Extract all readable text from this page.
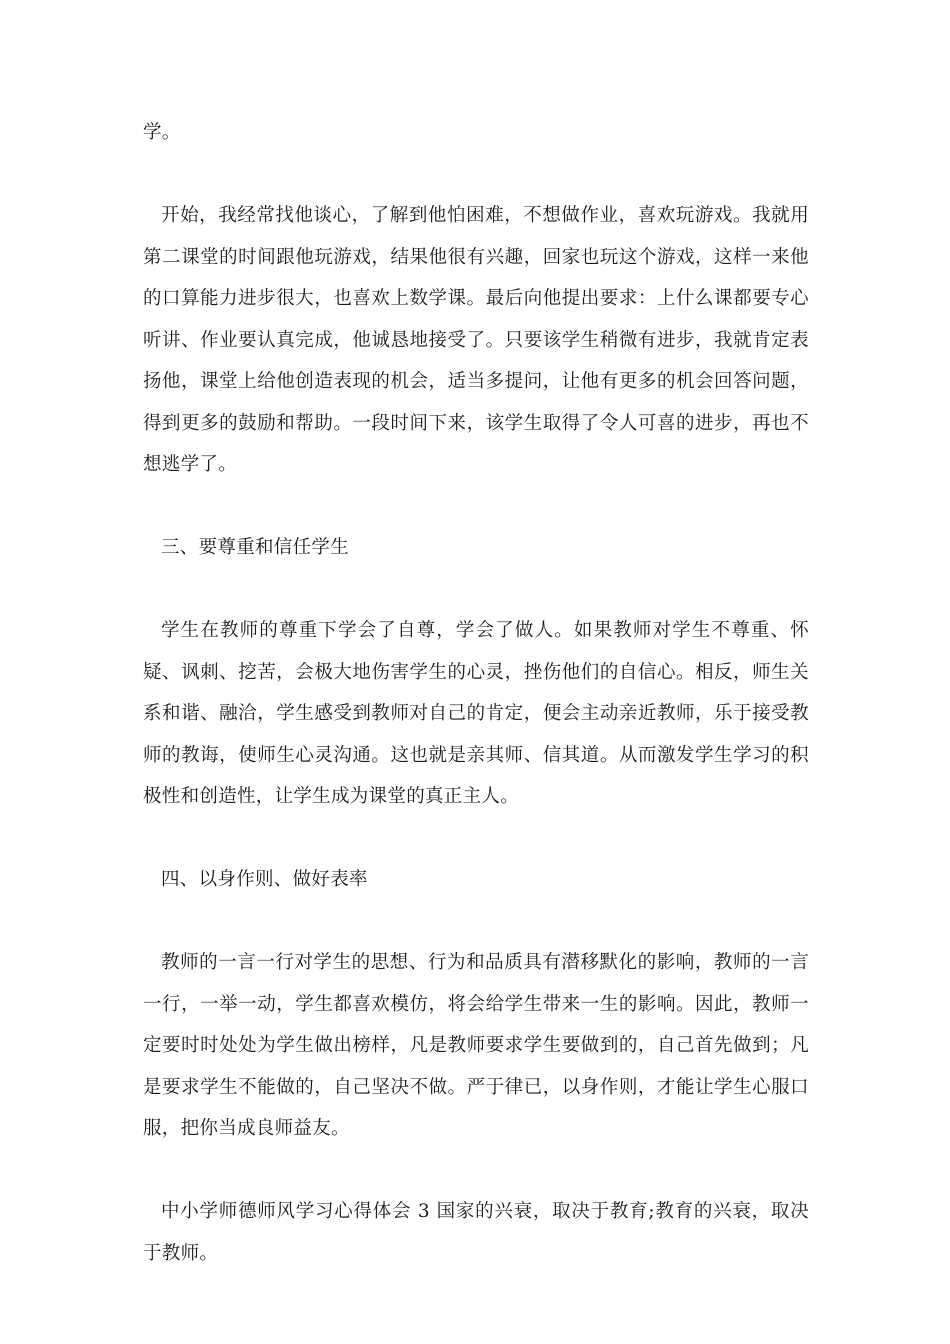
学。

开始，我经常找他谈心，了解到他怕困难，不想做作业，喜欢玩游戏。我就用第二课堂的时间跟他玩游戏，结果他很有兴趣，回家也玩这个游戏，这样一来他的口算能力进步很大，也喜欢上数学课。最后向他提出要求：上什么课都要专心听讲、作业要认真完成，他诚恳地接受了。只要该学生稍微有进步，我就肯定表扬他，课堂上给他创造表现的机会，适当多提问，让他有更多的机会回答问题，得到更多的鼓励和帮助。一段时间下来，该学生取得了令人可喜的进步，再也不想逃学了。

三、要尊重和信任学生

学生在教师的尊重下学会了自尊，学会了做人。如果教师对学生不尊重、怀疑、讽刺、挖苦，会极大地伤害学生的心灵，挫伤他们的自信心。相反，师生关系和谐、融洽，学生感受到教师对自己的肯定，便会主动亲近教师，乐于接受教师的教诲，使师生心灵沟通。这也就是亲其师、信其道。从而激发学生学习的积极性和创造性，让学生成为课堂的真正主人。

四、以身作则、做好表率

教师的一言一行对学生的思想、行为和品质具有潜移默化的影响，教师的一言一行，一举一动，学生都喜欢模仿，将会给学生带来一生的影响。因此，教师一定要时时处处为学生做出榜样，凡是教师要求学生要做到的，自己首先做到；凡是要求学生不能做的，自己坚决不做。严于律已，以身作则，才能让学生心服口服，把你当成良师益友。

中小学师德师风学习心得体会 3 国家的兴衰，取决于教育;教育的兴衰，取决于教师。
